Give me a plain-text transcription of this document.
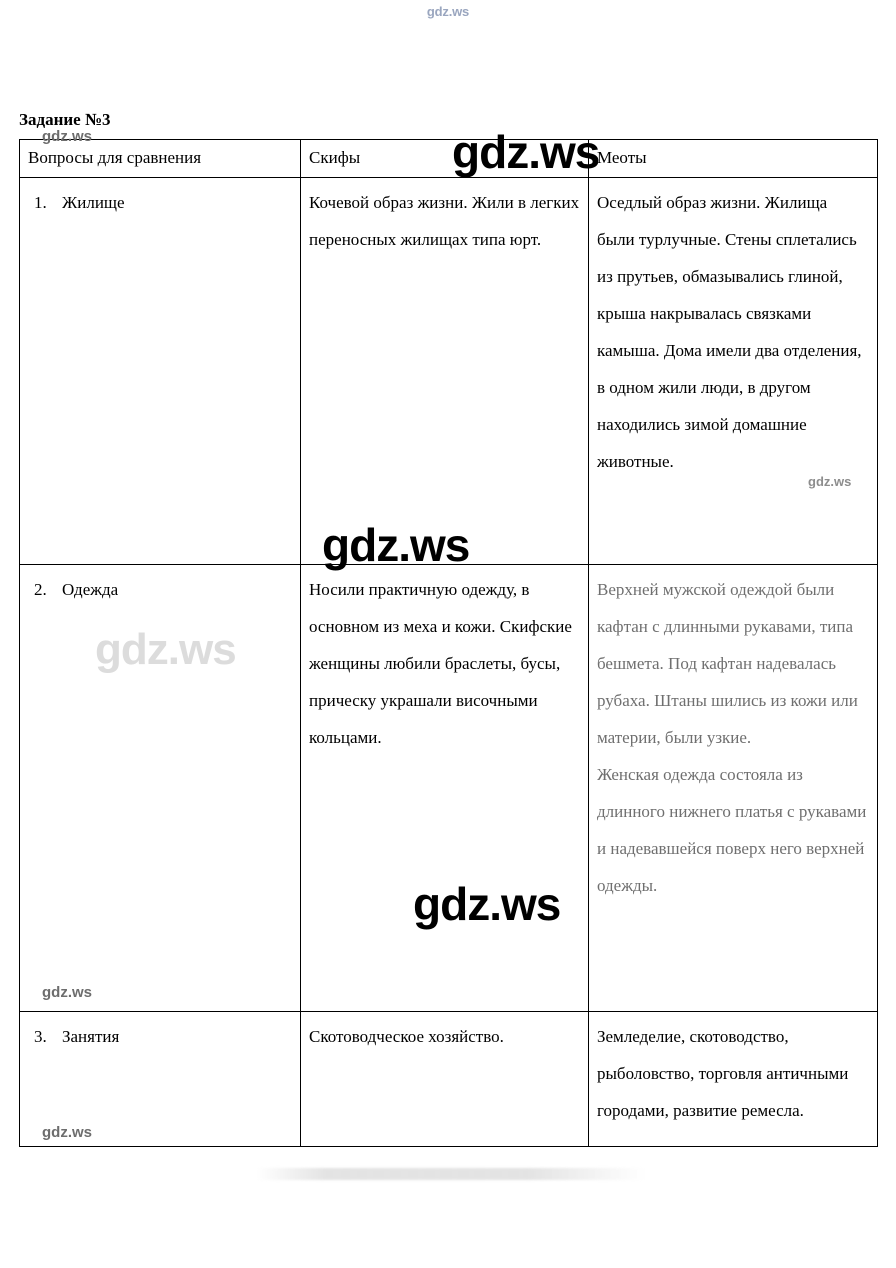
gdz.ws
Задание №3
Вопросы для сравнения	Скифы	Меоты
1. Жилище	Кочевой образ жизни. Жили в легких переносных жилищах типа юрт.	Оседлый образ жизни. Жилища были турлучные. Стены сплетались из прутьев, обмазывались глиной, крыша накрывалась связками камыша. Дома имели два отделения, в одном жили люди, в другом находились зимой домашние животные.
2. Одежда	Носили практичную одежду, в основном из меха и кожи. Скифские женщины любили браслеты, бусы, прическу украшали височными кольцами.	Верхней мужской одеждой были кафтан с длинными рукавами, типа бешмета. Под кафтан надевалась рубаха. Штаны шились из кожи или материи, были узкие.

Женская одежда состояла из длинного нижнего платья с рукавами и надевавшейся поверх него верхней одежды.

3. Занятия	Скотоводческое хозяйство.	Земледелие, скотоводство, рыболовство, торговля античными городами, развитие ремесла.
gdz.ws
gdz.ws
gdz.ws
gdz.ws
gdz.ws
gdz.ws
gdz.ws
gdz.ws
